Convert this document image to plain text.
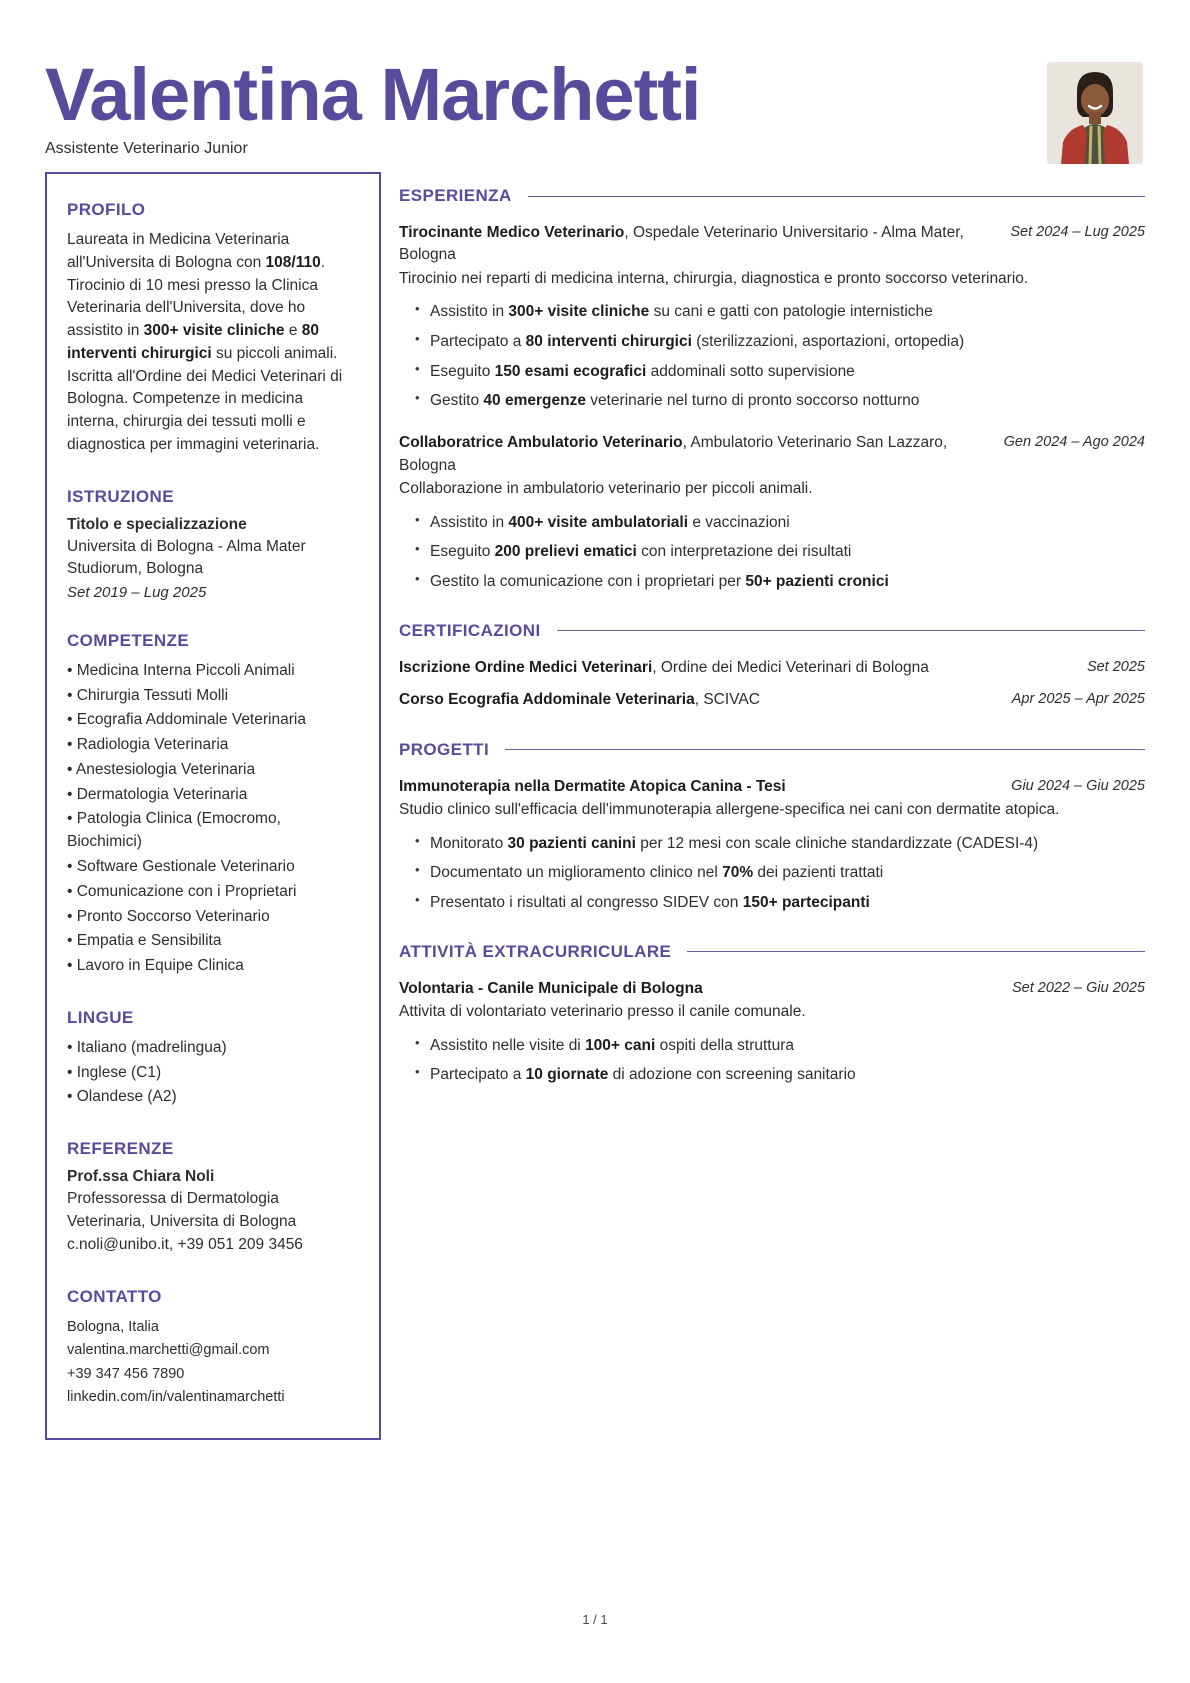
Valentina Marchetti
Assistente Veterinario Junior
PROFILO
Laureata in Medicina Veterinaria all'Universita di Bologna con 108/110. Tirocinio di 10 mesi presso la Clinica Veterinaria dell'Universita, dove ho assistito in 300+ visite cliniche e 80 interventi chirurgici su piccoli animali. Iscritta all'Ordine dei Medici Veterinari di Bologna. Competenze in medicina interna, chirurgia dei tessuti molli e diagnostica per immagini veterinaria.
ISTRUZIONE
Titolo e specializzazione
Universita di Bologna - Alma Mater Studiorum, Bologna
Set 2019 – Lug 2025
COMPETENZE
• Medicina Interna Piccoli Animali
• Chirurgia Tessuti Molli
• Ecografia Addominale Veterinaria
• Radiologia Veterinaria
• Anestesiologia Veterinaria
• Dermatologia Veterinaria
• Patologia Clinica (Emocromo, Biochimici)
• Software Gestionale Veterinario
• Comunicazione con i Proprietari
• Pronto Soccorso Veterinario
• Empatia e Sensibilita
• Lavoro in Equipe Clinica
LINGUE
• Italiano (madrelingua)
• Inglese (C1)
• Olandese (A2)
REFERENZE
Prof.ssa Chiara Noli
Professoressa di Dermatologia Veterinaria, Universita di Bologna
c.noli@unibo.it, +39 051 209 3456
CONTATTO
Bologna, Italia
valentina.marchetti@gmail.com
+39 347 456 7890
linkedin.com/in/valentinamarchetti
ESPERIENZA
Tirocinante Medico Veterinario, Ospedale Veterinario Universitario - Alma Mater, Bologna
Set 2024 – Lug 2025
Tirocinio nei reparti di medicina interna, chirurgia, diagnostica e pronto soccorso veterinario.
• Assistito in 300+ visite cliniche su cani e gatti con patologie internistiche
• Partecipato a 80 interventi chirurgici (sterilizzazioni, asportazioni, ortopedia)
• Eseguito 150 esami ecografici addominali sotto supervisione
• Gestito 40 emergenze veterinarie nel turno di pronto soccorso notturno
Collaboratrice Ambulatorio Veterinario, Ambulatorio Veterinario San Lazzaro, Bologna
Gen 2024 – Ago 2024
Collaborazione in ambulatorio veterinario per piccoli animali.
• Assistito in 400+ visite ambulatoriali e vaccinazioni
• Eseguito 200 prelievi ematici con interpretazione dei risultati
• Gestito la comunicazione con i proprietari per 50+ pazienti cronici
CERTIFICAZIONI
Iscrizione Ordine Medici Veterinari, Ordine dei Medici Veterinari di Bologna	Set 2025
Corso Ecografia Addominale Veterinaria, SCIVAC	Apr 2025 – Apr 2025
PROGETTI
Immunoterapia nella Dermatite Atopica Canina - Tesi	Giu 2024 – Giu 2025
Studio clinico sull'efficacia dell'immunoterapia allergene-specifica nei cani con dermatite atopica.
• Monitorato 30 pazienti canini per 12 mesi con scale cliniche standardizzate (CADESI-4)
• Documentato un miglioramento clinico nel 70% dei pazienti trattati
• Presentato i risultati al congresso SIDEV con 150+ partecipanti
ATTIVITÀ EXTRACURRICULARE
Volontaria - Canile Municipale di Bologna	Set 2022 – Giu 2025
Attivita di volontariato veterinario presso il canile comunale.
• Assistito nelle visite di 100+ cani ospiti della struttura
• Partecipato a 10 giornate di adozione con screening sanitario
1 / 1
